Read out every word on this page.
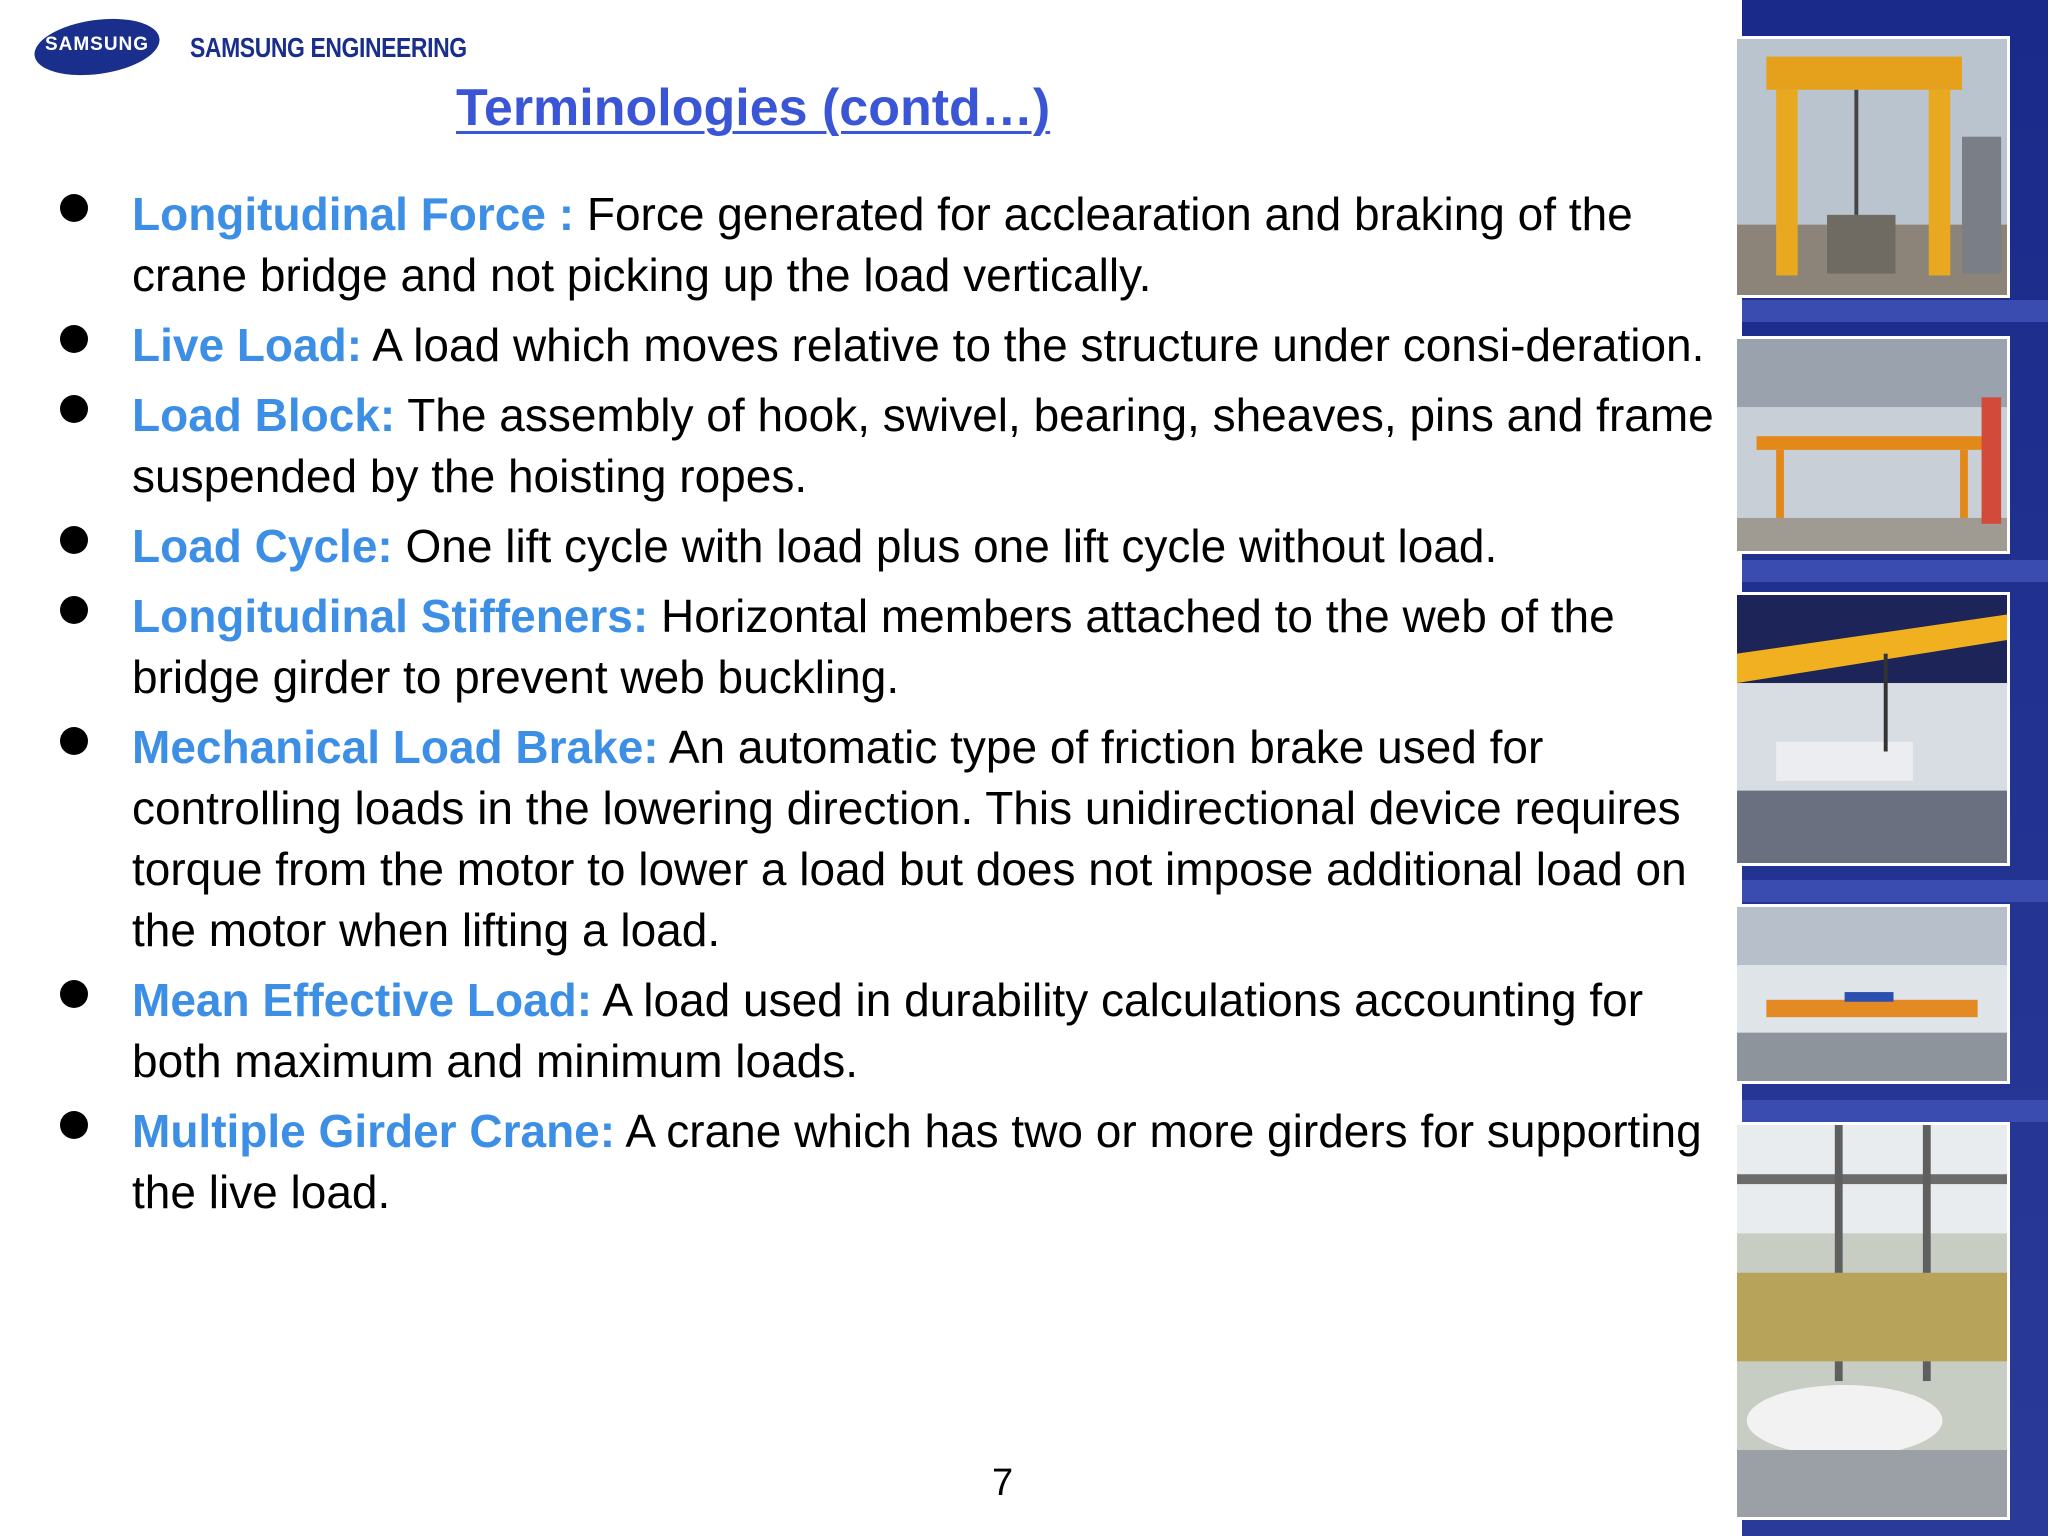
SAMSUNG	SAMSUNG ENGINEERING
Terminologies (contd…)
Longitudinal Force : Force generated for acclearation and braking of the crane bridge and not picking up the load vertically.
Live Load: A load which moves relative to the structure under consi-deration.
Load Block: The assembly of hook, swivel, bearing, sheaves, pins and frame suspended by the hoisting ropes.
Load Cycle: One lift cycle with load plus one lift cycle without load.
Longitudinal Stiffeners: Horizontal members attached to the web of the bridge girder to prevent web buckling.
Mechanical Load Brake: An automatic type of friction brake used for controlling loads in the lowering direction. This unidirectional device requires torque from the motor to lower a load but does not impose additional load on the motor when lifting a load.
Mean Effective Load: A load used in durability calculations accounting for both maximum and minimum loads.
Multiple Girder Crane: A crane which has two or more girders for supporting the live load.
7
